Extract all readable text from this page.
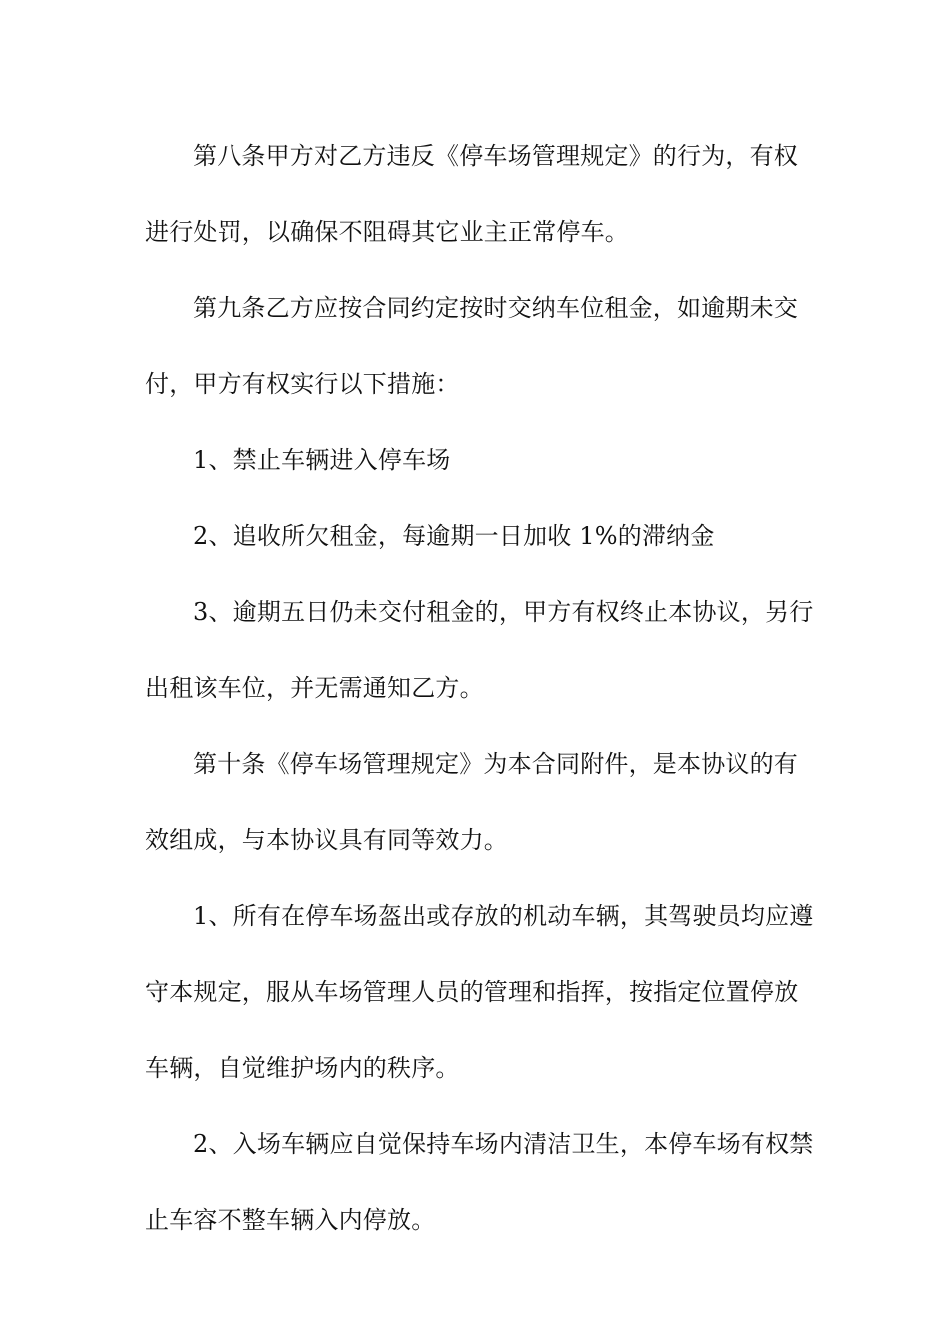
第八条甲方对乙方违反《停车场管理规定》的行为，有权
进行处罚，以确保不阻碍其它业主正常停车。

第九条乙方应按合同约定按时交纳车位租金，如逾期未交
付，甲方有权实行以下措施：

1、禁止车辆进入停车场

2、追收所欠租金，每逾期一日加收 1%的滞纳金

3、逾期五日仍未交付租金的，甲方有权终止本协议，另行
出租该车位，并无需通知乙方。

第十条《停车场管理规定》为本合同附件，是本协议的有
效组成，与本协议具有同等效力。

1、所有在停车场盔出或存放的机动车辆，其驾驶员均应遵
守本规定，服从车场管理人员的管理和指挥，按指定位置停放
车辆，自觉维护场内的秩序。

2、入场车辆应自觉保持车场内清洁卫生，本停车场有权禁
止车容不整车辆入内停放。
